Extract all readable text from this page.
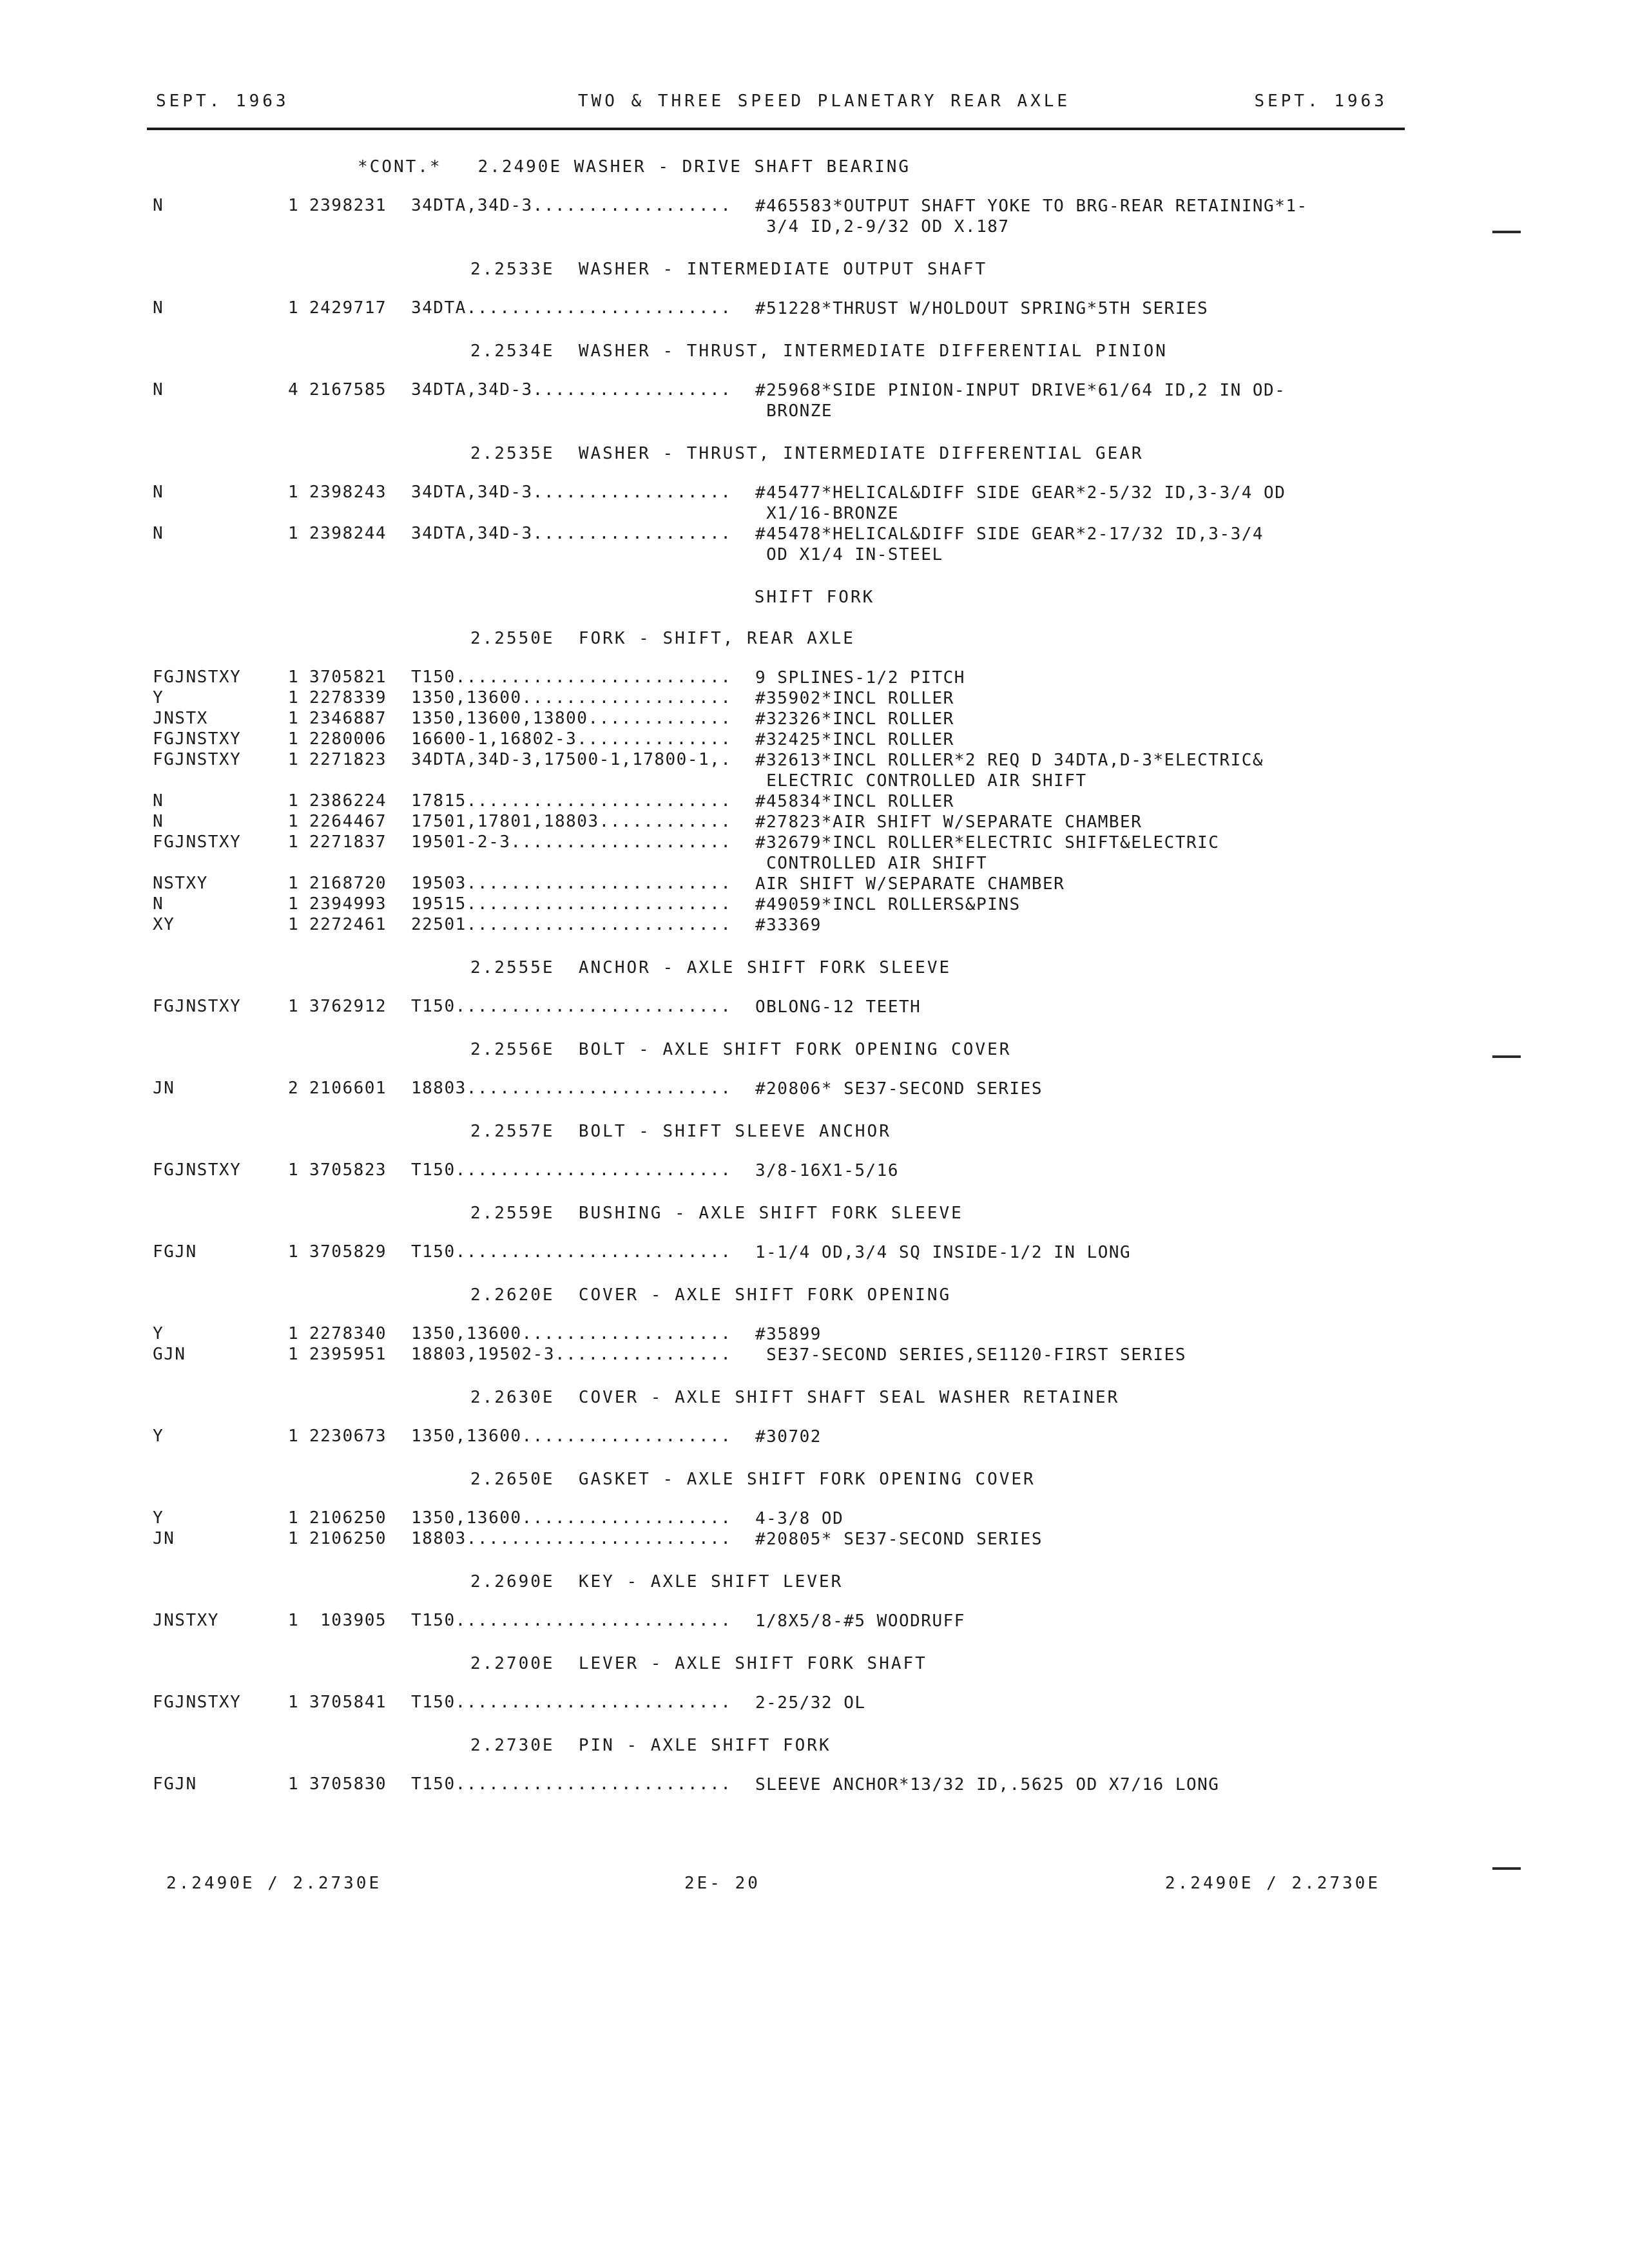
SEPT. 1963	TWO & THREE SPEED PLANETARY REAR AXLE	SEPT. 1963
*CONT.*   2.2490E WASHER - DRIVE SHAFT BEARING
N	1 2398231 34DTA,34D-3.................. #465583*OUTPUT SHAFT YOKE TO BRG-REAR RETAINING*1-
3/4 ID,2-9/32 OD X.187
2.2533E  WASHER - INTERMEDIATE OUTPUT SHAFT
N	1 2429717 34DTA........................ #51228*THRUST W/HOLDOUT SPRING*5TH SERIES
2.2534E  WASHER - THRUST, INTERMEDIATE DIFFERENTIAL PINION
N	4 2167585 34DTA,34D-3.................. #25968*SIDE PINION-INPUT DRIVE*61/64 ID,2 IN OD-
BRONZE
2.2535E  WASHER - THRUST, INTERMEDIATE DIFFERENTIAL GEAR
N	1 2398243 34DTA,34D-3.................. #45477*HELICAL&DIFF SIDE GEAR*2-5/32 ID,3-3/4 OD
X1/16-BRONZE
N	1 2398244 34DTA,34D-3.................. #45478*HELICAL&DIFF SIDE GEAR*2-17/32 ID,3-3/4
OD X1/4 IN-STEEL
SHIFT FORK
2.2550E  FORK - SHIFT, REAR AXLE
FGJNSTXY	1 3705821 T150......................... 9 SPLINES-1/2 PITCH
Y	1 2278339 1350,13600................... #35902*INCL ROLLER
JNSTX	1 2346887 1350,13600,13800............. #32326*INCL ROLLER
FGJNSTXY	1 2280006 16600-1,16802-3.............. #32425*INCL ROLLER
FGJNSTXY	1 2271823 34DTA,34D-3,17500-1,17800-1,. #32613*INCL ROLLER*2 REQ D 34DTA,D-3*ELECTRIC&
ELECTRIC CONTROLLED AIR SHIFT
N	1 2386224 17815........................ #45834*INCL ROLLER
N	1 2264467 17501,17801,18803............ #27823*AIR SHIFT W/SEPARATE CHAMBER
FGJNSTXY	1 2271837 19501-2-3.................... #32679*INCL ROLLER*ELECTRIC SHIFT&ELECTRIC
CONTROLLED AIR SHIFT
NSTXY	1 2168720 19503........................ AIR SHIFT W/SEPARATE CHAMBER
N	1 2394993 19515........................ #49059*INCL ROLLERS&PINS
XY	1 2272461 22501........................ #33369
2.2555E  ANCHOR - AXLE SHIFT FORK SLEEVE
FGJNSTXY	1 3762912 T150......................... OBLONG-12 TEETH
2.2556E  BOLT - AXLE SHIFT FORK OPENING COVER
JN	2 2106601 18803........................ #20806* SE37-SECOND SERIES
2.2557E  BOLT - SHIFT SLEEVE ANCHOR
FGJNSTXY	1 3705823 T150......................... 3/8-16X1-5/16
2.2559E  BUSHING - AXLE SHIFT FORK SLEEVE
FGJN	1 3705829 T150......................... 1-1/4 OD,3/4 SQ INSIDE-1/2 IN LONG
2.2620E  COVER - AXLE SHIFT FORK OPENING
Y	1 2278340 1350,13600................... #35899
GJN	1 2395951 18803,19502-3................ SE37-SECOND SERIES,SE1120-FIRST SERIES
2.2630E  COVER - AXLE SHIFT SHAFT SEAL WASHER RETAINER
Y	1 2230673 1350,13600................... #30702
2.2650E  GASKET - AXLE SHIFT FORK OPENING COVER
Y	1 2106250 1350,13600................... 4-3/8 OD
JN	1 2106250 18803........................ #20805* SE37-SECOND SERIES
2.2690E  KEY - AXLE SHIFT LEVER
JNSTXY	1 103905 T150......................... 1/8X5/8-#5 WOODRUFF
2.2700E  LEVER - AXLE SHIFT FORK SHAFT
FGJNSTXY	1 3705841 T150......................... 2-25/32 OL
2.2730E  PIN - AXLE SHIFT FORK
FGJN	1 3705830 T150......................... SLEEVE ANCHOR*13/32 ID,.5625 OD X7/16 LONG
2.2490E / 2.2730E	2E- 20	2.2490E / 2.2730E
